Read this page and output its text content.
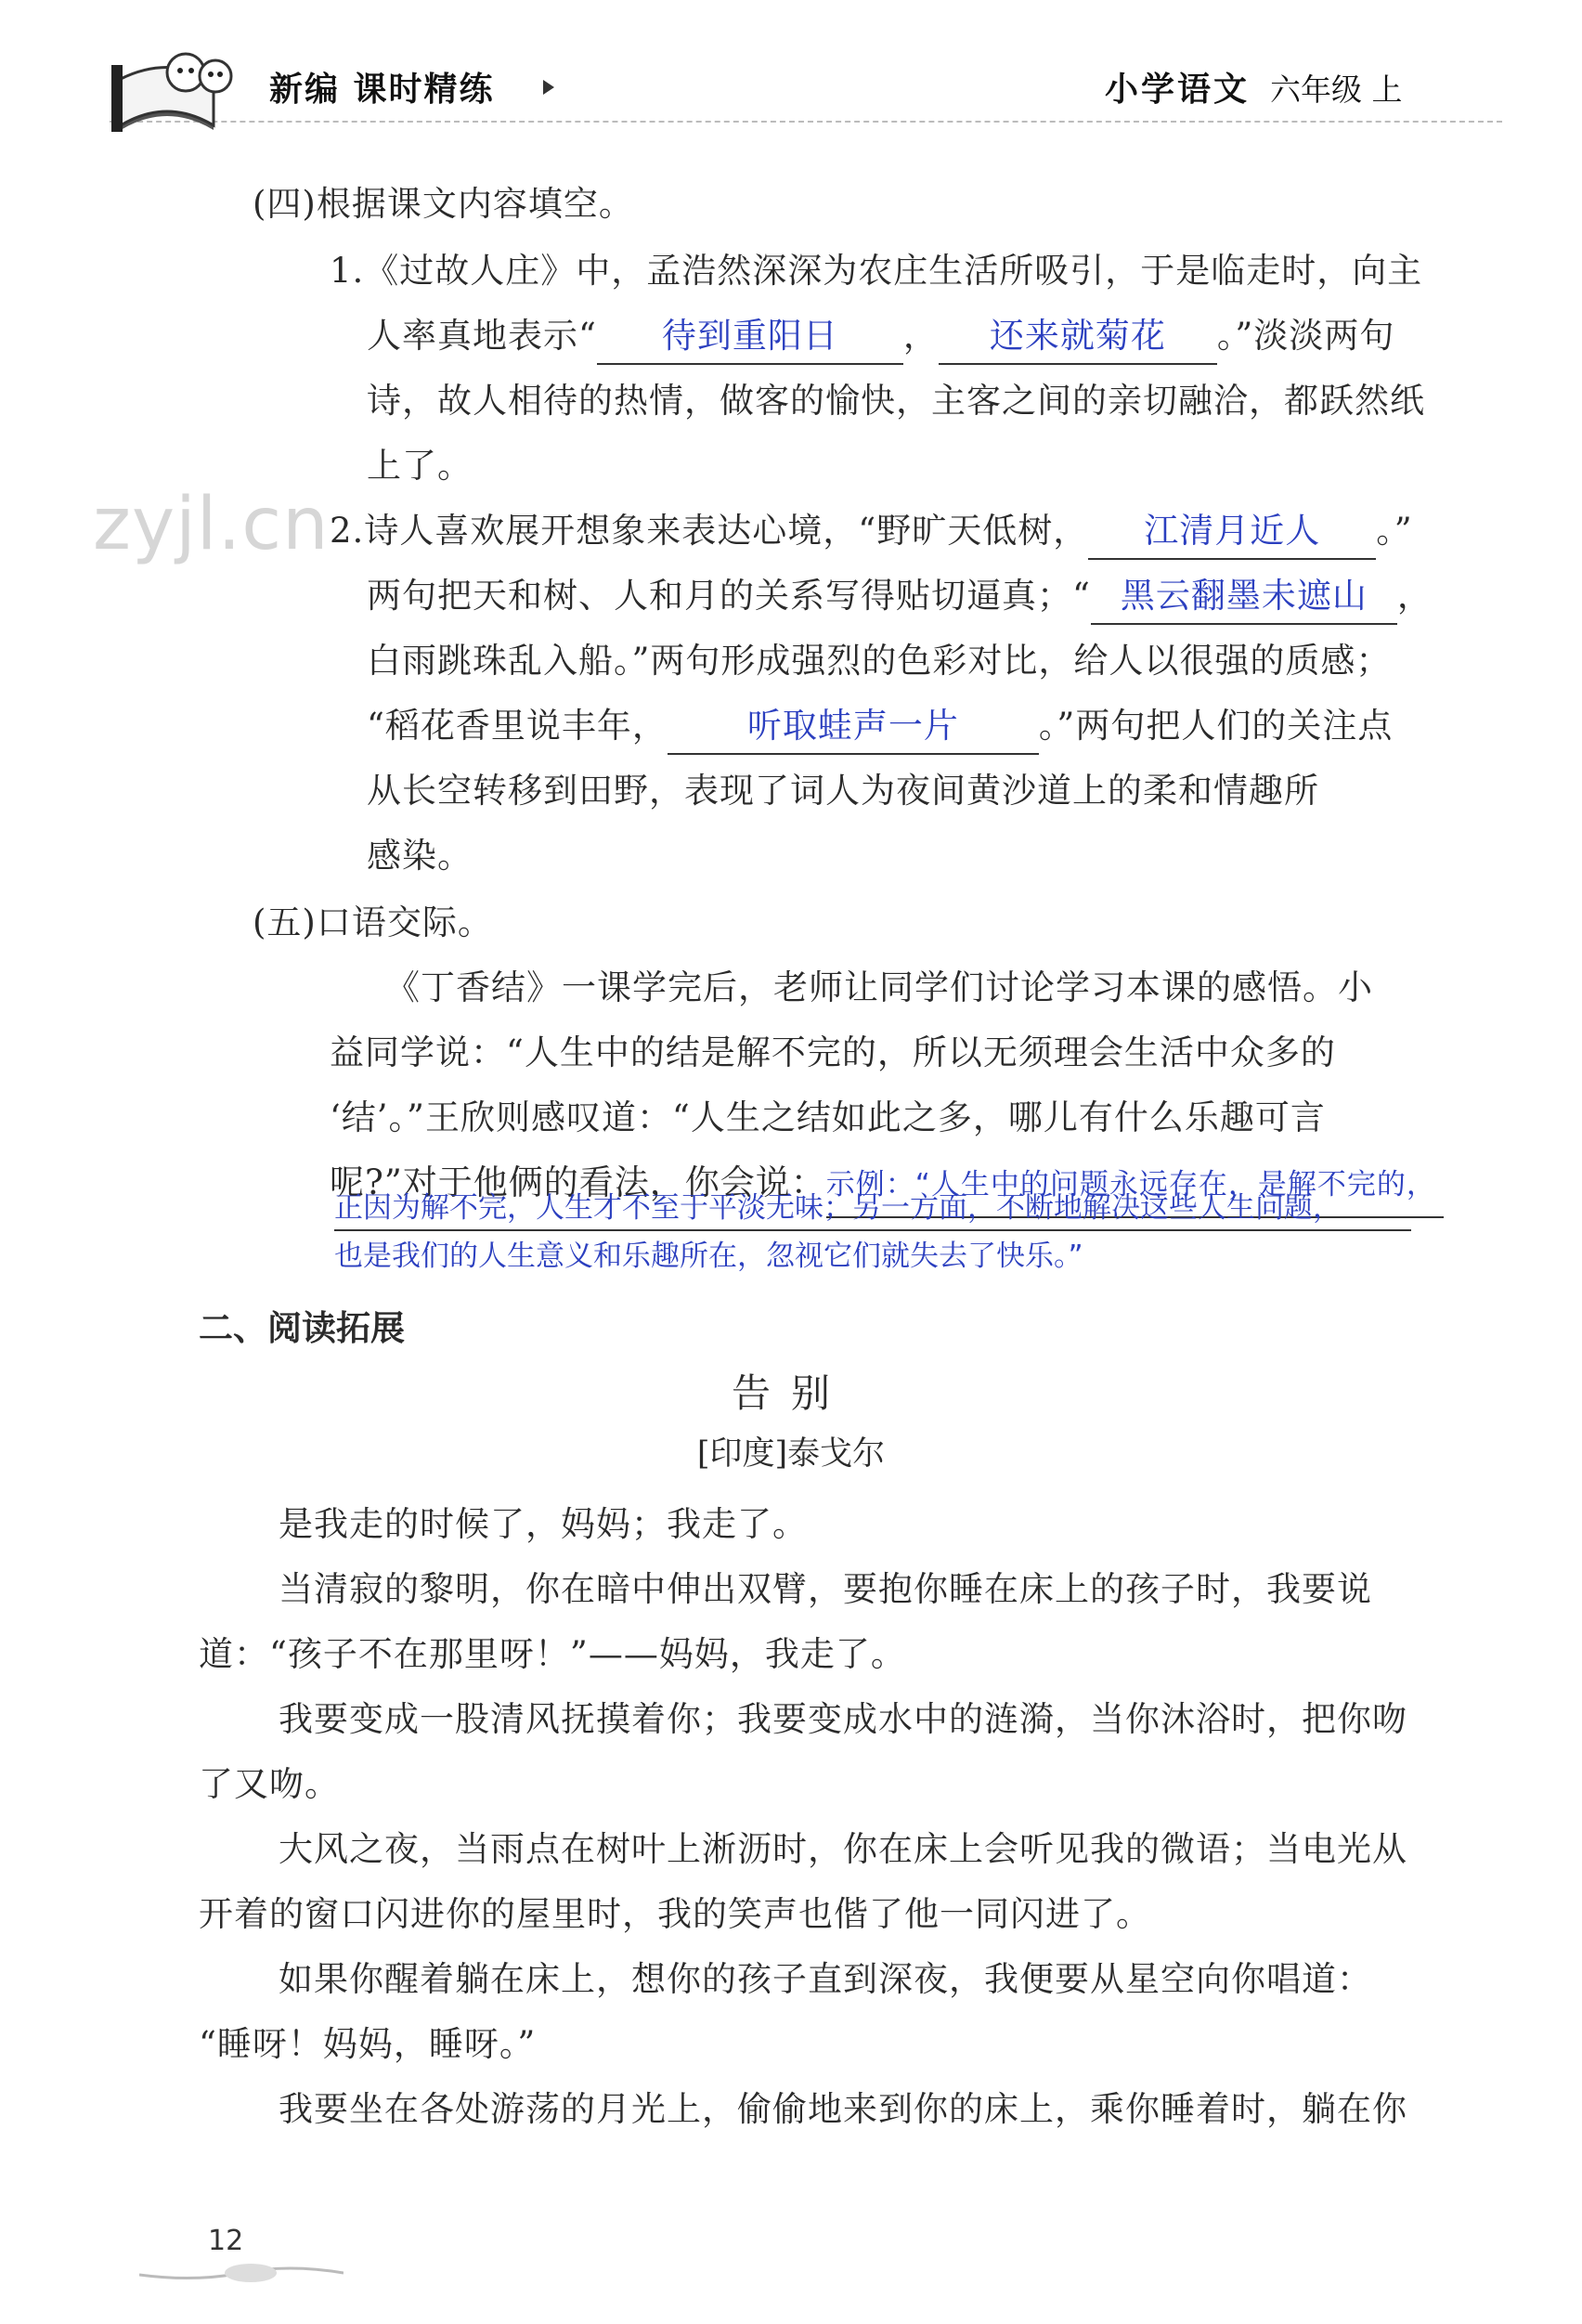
新编 课时精练	小学语文 六年级 上
zyjl.cn
(四)根据课文内容填空。
1.《过故人庄》中，孟浩然深深为农庄生活所吸引，于是临走时，向主
人率真地表示“ 待到重阳日 ， 还来就菊花 。”淡淡两句
诗，故人相待的热情，做客的愉快，主客之间的亲切融洽，都跃然纸
上了。
2.诗人喜欢展开想象来表达心境，“野旷天低树， 江清月近人 。”
两句把天和树、人和月的关系写得贴切逼真；“ 黑云翻墨未遮山 ，
白雨跳珠乱入船。”两句形成强烈的色彩对比，给人以很强的质感；
“稻花香里说丰年， 听取蛙声一片 。”两句把人们的关注点
从长空转移到田野，表现了词人为夜间黄沙道上的柔和情趣所
感染。
(五)口语交际。
《丁香结》一课学完后，老师让同学们讨论学习本课的感悟。小
益同学说：“人生中的结是解不完的，所以无须理会生活中众多的
‘结’。”王欣则感叹道：“人生之结如此之多，哪儿有什么乐趣可言
呢?”对于他俩的看法，你会说：示例：“人生中的问题永远存在，是解不完的，
正因为解不完，人生才不至于平淡无味；另一方面，不断地解决这些人生问题，
也是我们的人生意义和乐趣所在，忽视它们就失去了快乐。”
二、阅读拓展
告别
[印度]泰戈尔
是我走的时候了，妈妈；我走了。
当清寂的黎明，你在暗中伸出双臂，要抱你睡在床上的孩子时，我要说
道：“孩子不在那里呀！”——妈妈，我走了。
我要变成一股清风抚摸着你；我要变成水中的涟漪，当你沐浴时，把你吻
了又吻。
大风之夜，当雨点在树叶上淅沥时，你在床上会听见我的微语；当电光从
开着的窗口闪进你的屋里时，我的笑声也偕了他一同闪进了。
如果你醒着躺在床上，想你的孩子直到深夜，我便要从星空向你唱道：
“睡呀！妈妈，睡呀。”
我要坐在各处游荡的月光上，偷偷地来到你的床上，乘你睡着时，躺在你
12
